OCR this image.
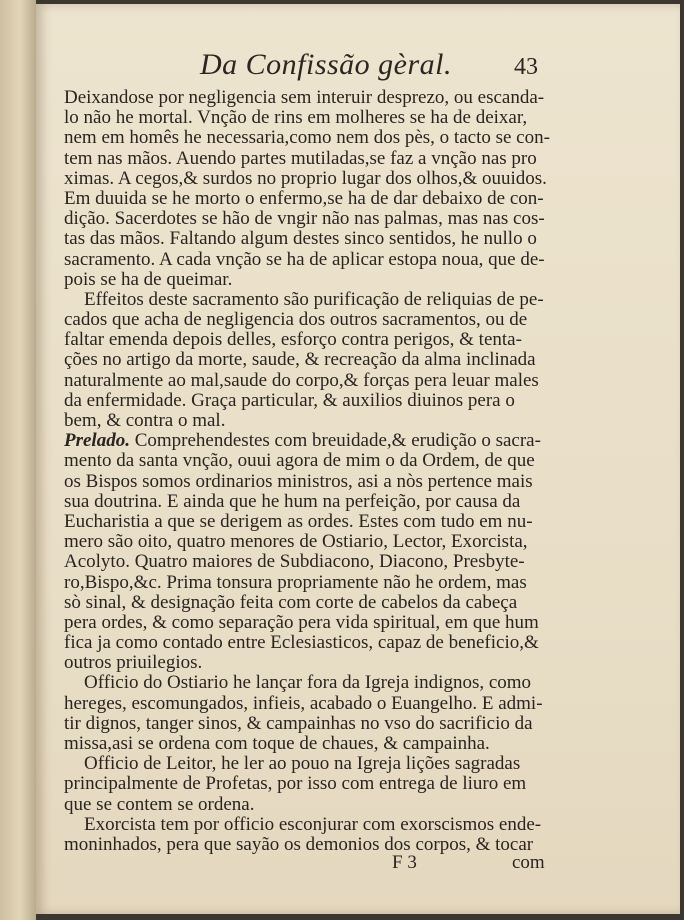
Da Confissão gèral.	43
Deixandose por negligencia sem interuir desprezo, ou escanda-
lo não he mortal. Vnção de rins em molheres se ha de deixar,
nem em homês he necessaria,como nem dos pès, o tacto se con-
tem nas mãos. Auendo partes mutiladas,se faz a vnção nas pro
ximas. A cegos,& surdos no proprio lugar dos olhos,& ouuidos.
Em duuida se he morto o enfermo,se ha de dar debaixo de con-
dição. Sacerdotes se hão de vngir não nas palmas, mas nas cos-
tas das mãos. Faltando algum destes sinco sentidos, he nullo o
sacramento. A cada vnção se ha de aplicar estopa noua, que de-
pois se ha de queimar.
Effeitos deste sacramento são purificação de reliquias de pe-
cados que acha de negligencia dos outros sacramentos, ou de
faltar emenda depois delles, esforço contra perigos, & tenta-
ções no artigo da morte, saude, & recreação da alma inclinada
naturalmente ao mal,saude do corpo,& forças pera leuar males
da enfermidade. Graça particular, & auxilios diuinos pera o
bem, & contra o mal.
Prelado. Comprehendestes com breuidade,& erudição o sacra-
mento da santa vnção, ouui agora de mim o da Ordem, de que
os Bispos somos ordinarios ministros, asi a nòs pertence mais
sua doutrina. E ainda que he hum na perfeição, por causa da
Eucharistia a que se derigem as ordes. Estes com tudo em nu-
mero são oito, quatro menores de Ostiario, Lector, Exorcista,
Acolyto. Quatro maiores de Subdiacono, Diacono, Presbyte-
ro,Bispo,&c. Prima tonsura propriamente não he ordem, mas
sò sinal, & designação feita com corte de cabelos da cabeça
pera ordes, & como separação pera vida spiritual, em que hum
fica ja como contado entre Eclesiasticos, capaz de beneficio,&
outros priuilegios.
Officio do Ostiario he lançar fora da Igreja indignos, como
hereges, escomungados, infieis, acabado o Euangelho. E admi-
tir dignos, tanger sinos, & campainhas no vso do sacrificio da
missa,asi se ordena com toque de chaues, & campainha.
Officio de Leitor, he ler ao pouo na Igreja lições sagradas
principalmente de Profetas, por isso com entrega de liuro em
que se contem se ordena.
Exorcista tem por officio esconjurar com exorscismos ende-
moninhados, pera que sayão os demonios dos corpos, & tocar
F 3	com
